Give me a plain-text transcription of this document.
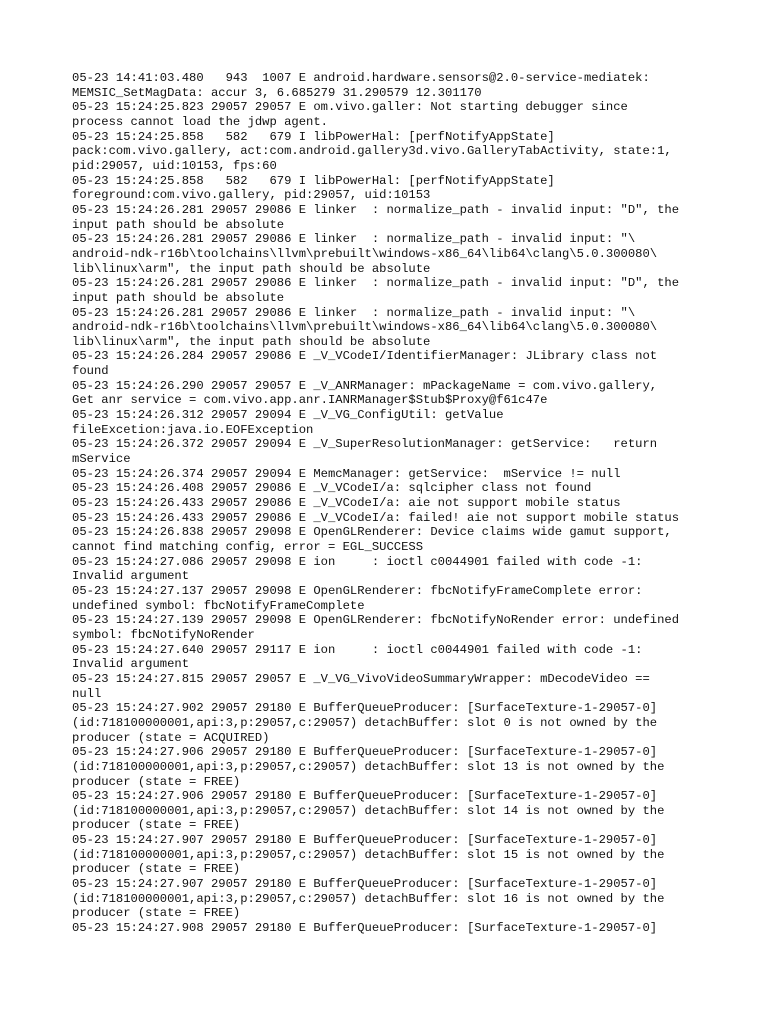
05-23 14:41:03.480   943  1007 E android.hardware.sensors@2.0-service-mediatek:
MEMSIC_SetMagData: accur 3, 6.685279 31.290579 12.301170
05-23 15:24:25.823 29057 29057 E om.vivo.galler: Not starting debugger since
process cannot load the jdwp agent.
05-23 15:24:25.858   582   679 I libPowerHal: [perfNotifyAppState]
pack:com.vivo.gallery, act:com.android.gallery3d.vivo.GalleryTabActivity, state:1,
pid:29057, uid:10153, fps:60
05-23 15:24:25.858   582   679 I libPowerHal: [perfNotifyAppState]
foreground:com.vivo.gallery, pid:29057, uid:10153
05-23 15:24:26.281 29057 29086 E linker  : normalize_path - invalid input: "D", the
input path should be absolute
05-23 15:24:26.281 29057 29086 E linker  : normalize_path - invalid input: "\
android-ndk-r16b\toolchains\llvm\prebuilt\windows-x86_64\lib64\clang\5.0.300080\
lib\linux\arm", the input path should be absolute
05-23 15:24:26.281 29057 29086 E linker  : normalize_path - invalid input: "D", the
input path should be absolute
05-23 15:24:26.281 29057 29086 E linker  : normalize_path - invalid input: "\
android-ndk-r16b\toolchains\llvm\prebuilt\windows-x86_64\lib64\clang\5.0.300080\
lib\linux\arm", the input path should be absolute
05-23 15:24:26.284 29057 29086 E _V_VCodeI/IdentifierManager: JLibrary class not
found
05-23 15:24:26.290 29057 29057 E _V_ANRManager: mPackageName = com.vivo.gallery,
Get anr service = com.vivo.app.anr.IANRManager$Stub$Proxy@f61c47e
05-23 15:24:26.312 29057 29094 E _V_VG_ConfigUtil: getValue
fileExcetion:java.io.EOFException
05-23 15:24:26.372 29057 29094 E _V_SuperResolutionManager: getService:   return
mService
05-23 15:24:26.374 29057 29094 E MemcManager: getService:  mService != null
05-23 15:24:26.408 29057 29086 E _V_VCodeI/a: sqlcipher class not found
05-23 15:24:26.433 29057 29086 E _V_VCodeI/a: aie not support mobile status
05-23 15:24:26.433 29057 29086 E _V_VCodeI/a: failed! aie not support mobile status
05-23 15:24:26.838 29057 29098 E OpenGLRenderer: Device claims wide gamut support,
cannot find matching config, error = EGL_SUCCESS
05-23 15:24:27.086 29057 29098 E ion     : ioctl c0044901 failed with code -1:
Invalid argument
05-23 15:24:27.137 29057 29098 E OpenGLRenderer: fbcNotifyFrameComplete error:
undefined symbol: fbcNotifyFrameComplete
05-23 15:24:27.139 29057 29098 E OpenGLRenderer: fbcNotifyNoRender error: undefined
symbol: fbcNotifyNoRender
05-23 15:24:27.640 29057 29117 E ion     : ioctl c0044901 failed with code -1:
Invalid argument
05-23 15:24:27.815 29057 29057 E _V_VG_VivoVideoSummaryWrapper: mDecodeVideo ==
null
05-23 15:24:27.902 29057 29180 E BufferQueueProducer: [SurfaceTexture-1-29057-0]
(id:718100000001,api:3,p:29057,c:29057) detachBuffer: slot 0 is not owned by the
producer (state = ACQUIRED)
05-23 15:24:27.906 29057 29180 E BufferQueueProducer: [SurfaceTexture-1-29057-0]
(id:718100000001,api:3,p:29057,c:29057) detachBuffer: slot 13 is not owned by the
producer (state = FREE)
05-23 15:24:27.906 29057 29180 E BufferQueueProducer: [SurfaceTexture-1-29057-0]
(id:718100000001,api:3,p:29057,c:29057) detachBuffer: slot 14 is not owned by the
producer (state = FREE)
05-23 15:24:27.907 29057 29180 E BufferQueueProducer: [SurfaceTexture-1-29057-0]
(id:718100000001,api:3,p:29057,c:29057) detachBuffer: slot 15 is not owned by the
producer (state = FREE)
05-23 15:24:27.907 29057 29180 E BufferQueueProducer: [SurfaceTexture-1-29057-0]
(id:718100000001,api:3,p:29057,c:29057) detachBuffer: slot 16 is not owned by the
producer (state = FREE)
05-23 15:24:27.908 29057 29180 E BufferQueueProducer: [SurfaceTexture-1-29057-0]
